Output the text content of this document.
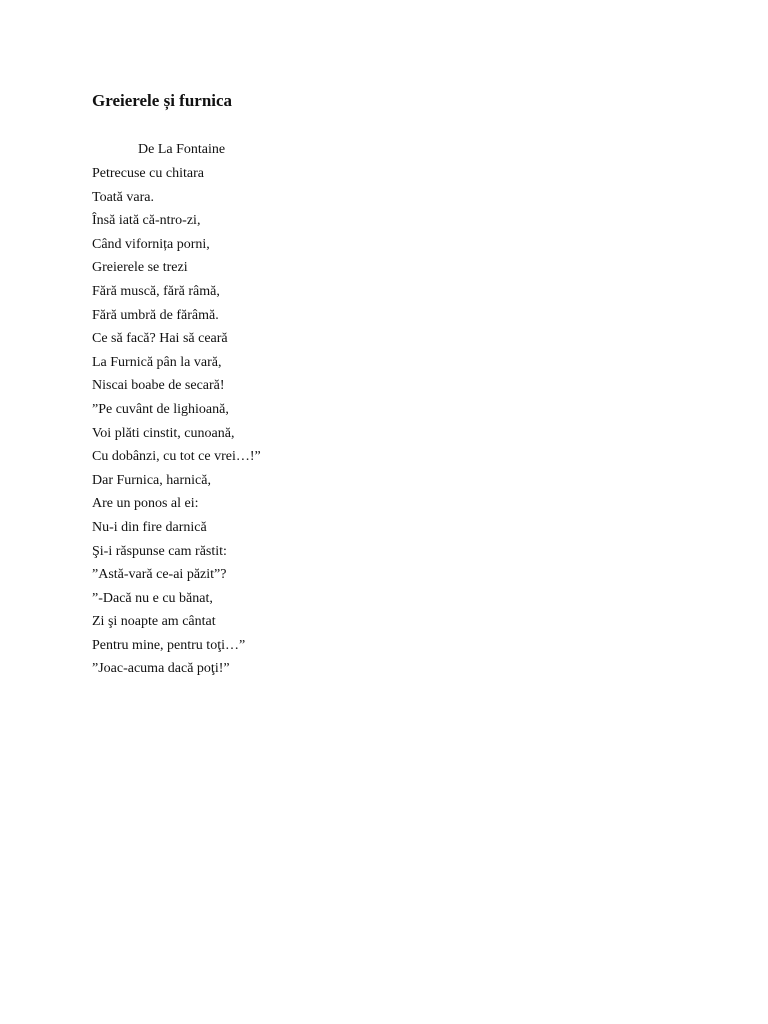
Greierele și furnica
De La Fontaine
Petrecuse cu chitara
Toată vara.
Însă iată că-ntro-zi,
Când vifornița porni,
Greierele se trezi
Fără muscă, fără râmă,
Fără umbră de fărâmă.
Ce să facă? Hai să ceară
La Furnică pân la vară,
Niscai boabe de secară!
”Pe cuvânt de lighioană,
Voi plăti cinstit, cunoană,
Cu dobânzi, cu tot ce vrei…!”
Dar Furnica, harnică,
Are un ponos al ei:
Nu-i din fire darnică
Şi-i răspunse cam răstit:
”Astă-vară ce-ai păzit”?
”-Dacă nu e cu bănat,
Zi şi noapte am cântat
Pentru mine, pentru toţi…”
”Joac-acuma dacă poţi!”
